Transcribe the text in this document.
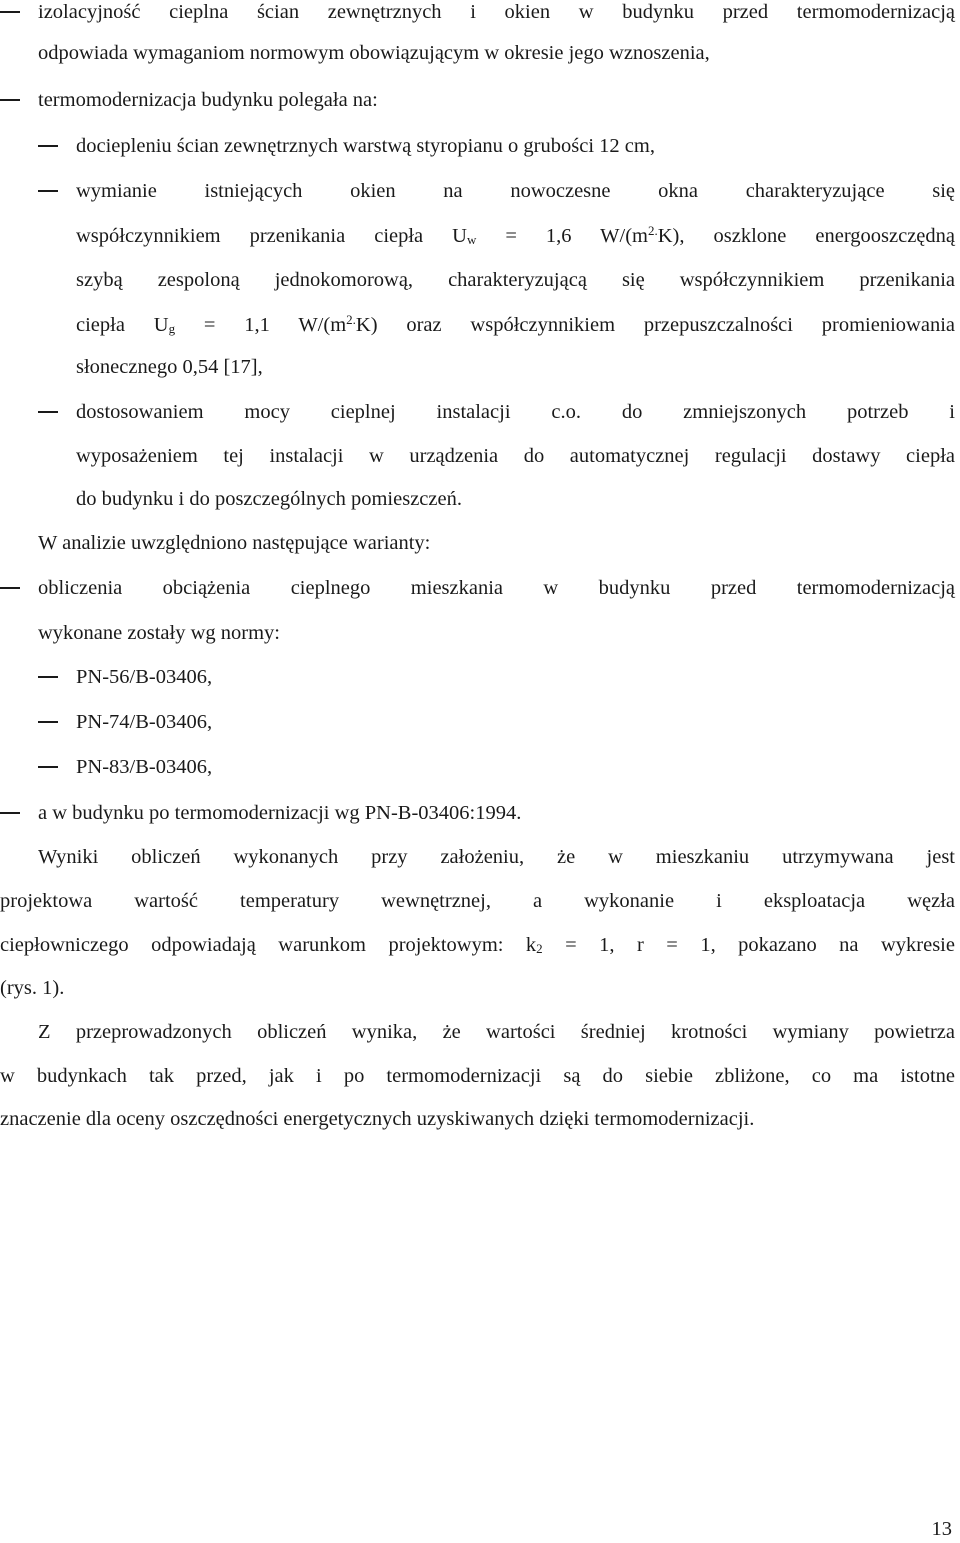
izolacyjność cieplna ścian zewnętrznych i okien w budynku przed termomodernizacją
odpowiada wymaganiom normowym obowiązującym w okresie jego wznoszenia,
termomodernizacja budynku polegała na:
dociepleniu ścian zewnętrznych warstwą styropianu o grubości 12 cm,
wymianie istniejących okien na nowoczesne okna charakteryzujące się
współczynnikiem przenikania ciepła $U_w = 1,6$ $W/(m^{2.}K)$, oszklone energooszczędną
szybą zespoloną jednokomorową, charakteryzującą się współczynnikiem przenikania
ciepła $U_g = 1,1$ $W/(m^{2.}K)$ oraz współczynnikiem przepuszczalności promieniowania
słonecznego 0,54 [17],
dostosowaniem mocy cieplnej instalacji c.o. do zmniejszonych potrzeb i
wyposażeniem tej instalacji w urządzenia do automatycznej regulacji dostawy ciepła
do budynku i do poszczególnych pomieszczeń.
W analizie uwzględniono następujące warianty:
obliczenia obciążenia cieplnego mieszkania w budynku przed termomodernizacją
wykonane zostały wg normy:
PN-56/B-03406,
PN-74/B-03406,
PN-83/B-03406,
a w budynku po termomodernizacji wg PN-B-03406:1994.
Wyniki obliczeń wykonanych przy założeniu, że w mieszkaniu utrzymywana jest
projektowa wartość temperatury wewnętrznej, a wykonanie i eksploatacja węzła
ciepłowniczego odpowiadają warunkom projektowym: $k_2 = 1$, r = 1, pokazano na wykresie
(rys. 1).
Z przeprowadzonych obliczeń wynika, że wartości średniej krotności wymiany powietrza
w budynkach tak przed, jak i po termomodernizacji są do siebie zbliżone, co ma istotne
znaczenie dla oceny oszczędności energetycznych uzyskiwanych dzięki termomodernizacji.
13
